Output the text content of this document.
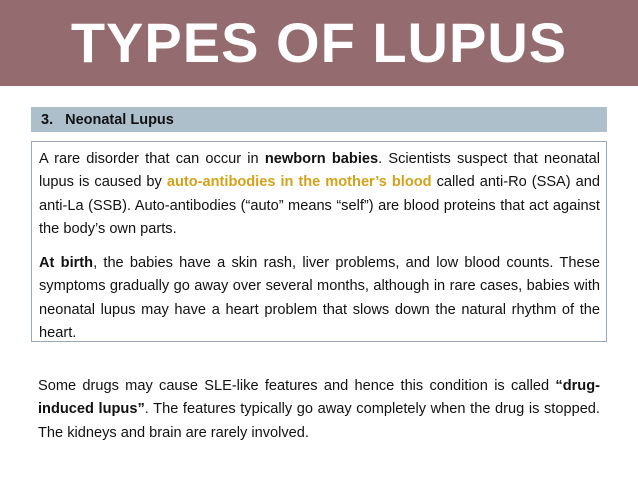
TYPES OF LUPUS
3. Neonatal Lupus

A rare disorder that can occur in newborn babies. Scientists suspect that neonatal lupus is caused by auto-antibodies in the mother’s blood called anti-Ro (SSA) and anti-La (SSB). Auto-antibodies (“auto” means “self”) are blood proteins that act against the body’s own parts.

At birth, the babies have a skin rash, liver problems, and low blood counts. These symptoms gradually go away over several months, although in rare cases, babies with neonatal lupus may have a heart problem that slows down the natural rhythm of the heart.

Some drugs may cause SLE-like features and hence this condition is called “drug-induced lupus”. The features typically go away completely when the drug is stopped. The kidneys and brain are rarely involved.
